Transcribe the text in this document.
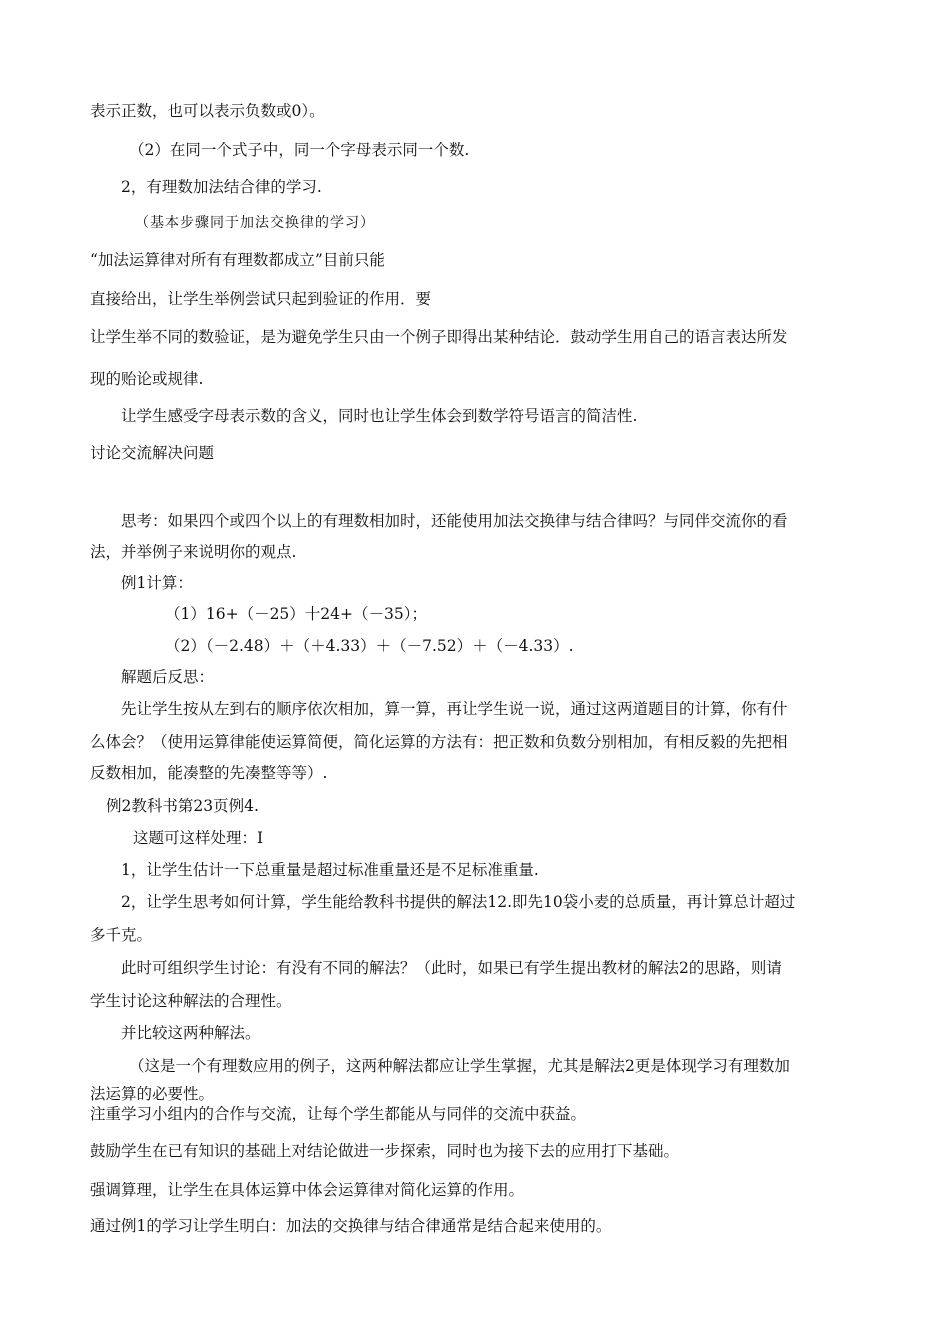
表示正数，也可以表示负数或0）。
（2）在同一个式子中，同一个字母表示同一个数.
2，有理数加法结合律的学习.
（基本步骤同于加法交换律的学习）
“加法运算律对所有有理数都成立”目前只能
直接给出，让学生举例尝试只起到验证的作用．要
让学生举不同的数验证，是为避免学生只由一个例子即得出某种结论．鼓动学生用自己的语言表达所发
现的贻论或规律.
让学生感受字母表示数的含义，同时也让学生体会到数学符号语言的简洁性.
讨论交流解决问题
思考：如果四个或四个以上的有理数相加时，还能使用加法交换律与结合律吗？与同伴交流你的看
法，并举例子来说明你的观点.
例1计算：
（1）16+（－25）十24+（－35）；
（2）（－2.48）＋（＋4.33）＋（－7.52）＋（－4.33）.
解题后反思：
先让学生按从左到右的顺序依次相加，算一算，再让学生说一说，通过这两道题目的计算，你有什
么体会？（使用运算律能使运算简便，简化运算的方法有：把正数和负数分别相加，有相反毅的先把相
反数相加，能凑整的先凑整等等）.
例2教科书第23页例4.
这题可这样处理：I
1，让学生估计一下总重量是超过标准重量还是不足标准重量.
2，让学生思考如何计算，学生能给教科书提供的解法12.即先10袋小麦的总质量，再计算总计超过
多千克。
此时可组织学生讨论：有没有不同的解法？（此时，如果已有学生提出教材的解法2的思路，则请
学生讨论这种解法的合理性。
并比较这两种解法。
（这是一个有理数应用的例子，这两种解法都应让学生掌握，尤其是解法2更是体现学习有理数加
法运算的必要性。
注重学习小组内的合作与交流，让每个学生都能从与同伴的交流中获益。
鼓励学生在已有知识的基础上对结论做进一步探索，同时也为接下去的应用打下基础。
强调算理，让学生在具体运算中体会运算律对简化运算的作用。
通过例1的学习让学生明白：加法的交换律与结合律通常是结合起来使用的。
